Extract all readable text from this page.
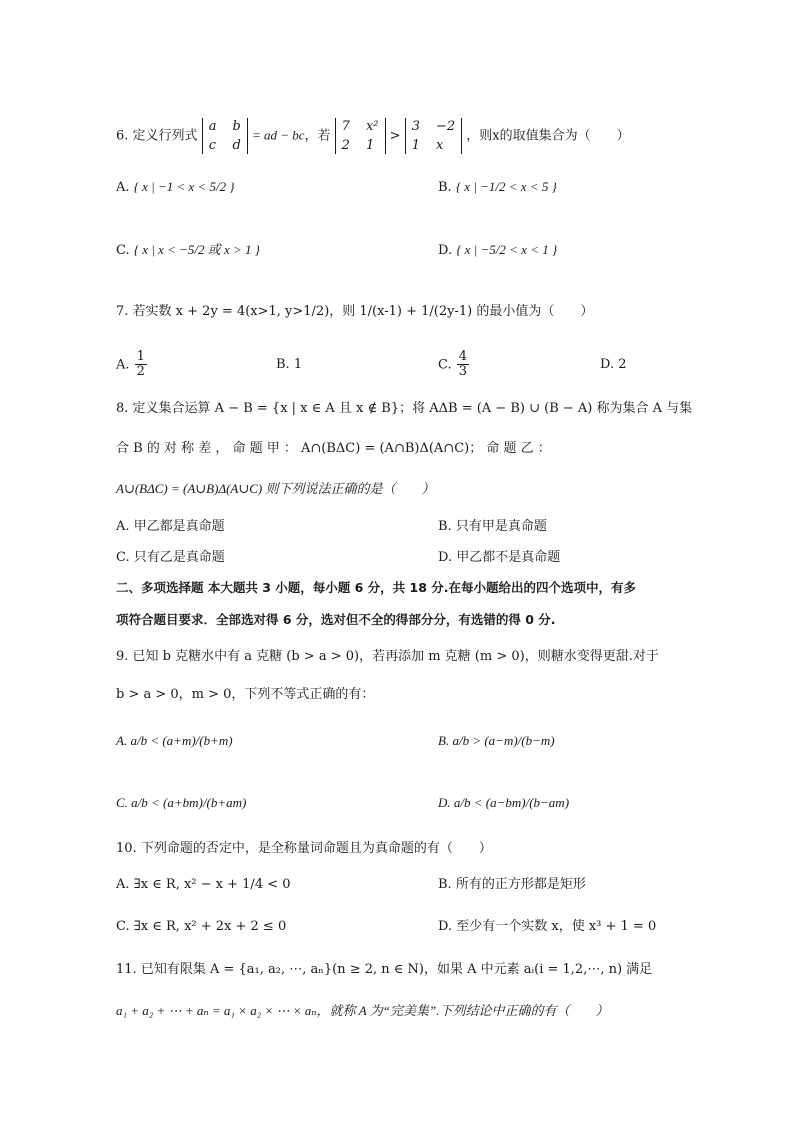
6. 定义行列式
a b
c d
= ad − bc，若
7 x²
2 1
>
3 −2
1 x
，则x的取值集合为（　　）
A. { x | −1 < x < 5/2 }	B. { x | −1/2 < x < 5 }
C. { x | x < −5/2 或 x > 1 }	D. { x | −5/2 < x < 1 }
7. 若实数 x + 2y = 4(x>1, y>1/2)，则 1/(x-1) + 1/(2y-1) 的最小值为（　　）
A. $\frac{1}{2}$	B. 1	C. $\frac{4}{3}$	D. 2
8. 定义集合运算 A − B = {x | x ∈ A 且 x ∉ B}；将 AΔB = (A − B) ∪ (B − A) 称为集合 A 与集
合 B 的 对 称 差 ， 命 题 甲 ： A∩(BΔC) = (A∩B)Δ(A∩C)； 命 题 乙 ：
A∪(BΔC) = (A∪B)Δ(A∪C) 则下列说法正确的是（　　）
A. 甲乙都是真命题	B. 只有甲是真命题
C. 只有乙是真命题	D. 甲乙都不是真命题
二、多项选择题 本大题共 3 小题，每小题 6 分，共 18 分.在每小题给出的四个选项中，有多
项符合题目要求．全部选对得 6 分，选对但不全的得部分分，有选错的得 0 分.
9. 已知 b 克糖水中有 a 克糖 (b > a > 0)，若再添加 m 克糖 (m > 0)，则糖水变得更甜.对于
b > a > 0，m > 0，下列不等式正确的有：
A. a/b < (a+m)/(b+m)	B. a/b > (a−m)/(b−m)
C. a/b < (a+bm)/(b+am)	D. a/b < (a−bm)/(b−am)
10. 下列命题的否定中，是全称量词命题且为真命题的有（　　）
A. ∃x ∈ R, x² − x + 1/4 < 0	B. 所有的正方形都是矩形
C. ∃x ∈ R, x² + 2x + 2 ≤ 0	D. 至少有一个实数 x，使 x³ + 1 = 0
11. 已知有限集 A = {a₁, a₂, ⋯, aₙ}(n ≥ 2, n ∈ N)，如果 A 中元素 aᵢ(i = 1,2,⋯, n) 满足
a₁ + a₂ + ⋯ + aₙ = a₁ × a₂ × ⋯ × aₙ，就称 A 为“完美集”.下列结论中正确的有（　　）
